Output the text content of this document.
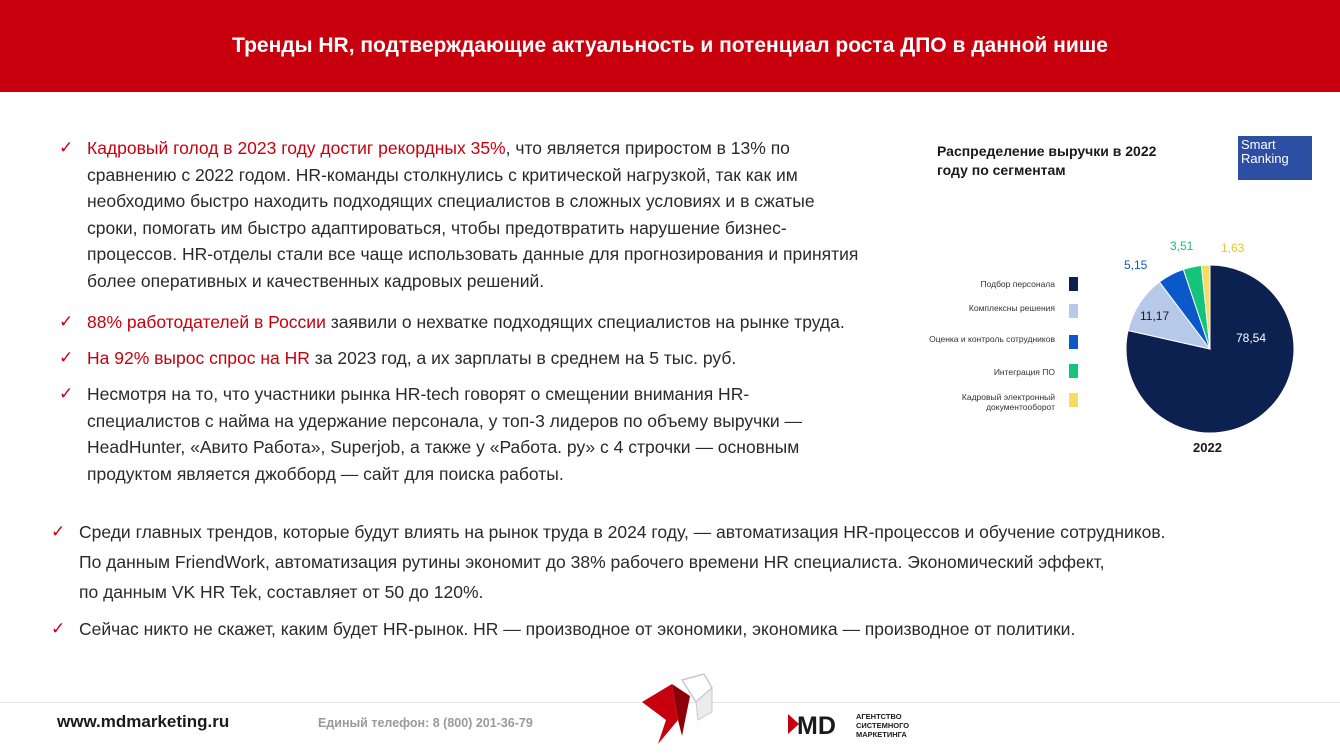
Тренды HR, подтверждающие актуальность и потенциал роста ДПО в данной нише
✓ Кадровый голод в 2023 году достиг рекордных 35%, что является приростом в 13% по
сравнению с 2022 годом. HR-команды столкнулись с критической нагрузкой, так как им
необходимо быстро находить подходящих специалистов в сложных условиях и в сжатые
сроки, помогать им быстро адаптироваться, чтобы предотвратить нарушение бизнес-
процессов. HR-отделы стали все чаще использовать данные для прогнозирования и принятия
более оперативных и качественных кадровых решений.
✓ 88% работодателей в России заявили о нехватке подходящих специалистов на рынке труда.
✓ На 92% вырос спрос на HR за 2023 год, а их зарплаты в среднем на 5 тыс. руб.
✓ Несмотря на то, что участники рынка HR-tech говорят о смещении внимания HR-
специалистов с найма на удержание персонала, у топ-3 лидеров по объему выручки —
HeadHunter, «Авито Работа», Superjob, а также у «Работа. ру» с 4 строчки — основным
продуктом является джобборд — сайт для поиска работы.
✓ Среди главных трендов, которые будут влиять на рынок труда в 2024 году, — автоматизация HR-процессов и обучение сотрудников.
По данным FriendWork, автоматизация рутины экономит до 38% рабочего времени HR специалиста. Экономический эффект,
по данным VK HR Tek, составляет от 50 до 120%.
✓ Сейчас никто не скажет, каким будет HR-рынок. HR — производное от экономики, экономика — производное от политики.
Распределение выручки в 2022 году по сегментам
Smart
Ranking
Подбор персонала
Комплексны решения
Оценка и контроль сотрудников
Интеграция ПО
Кадровый электронный документооборот
78,54
11,17
5,15
3,51 1,63
2022
www.mdmarketing.ru	Единый телефон: 8 (800) 201-36-79	MD	АГЕНТСТВО
СИСТЕМНОГО
МАРКЕТИНГА
